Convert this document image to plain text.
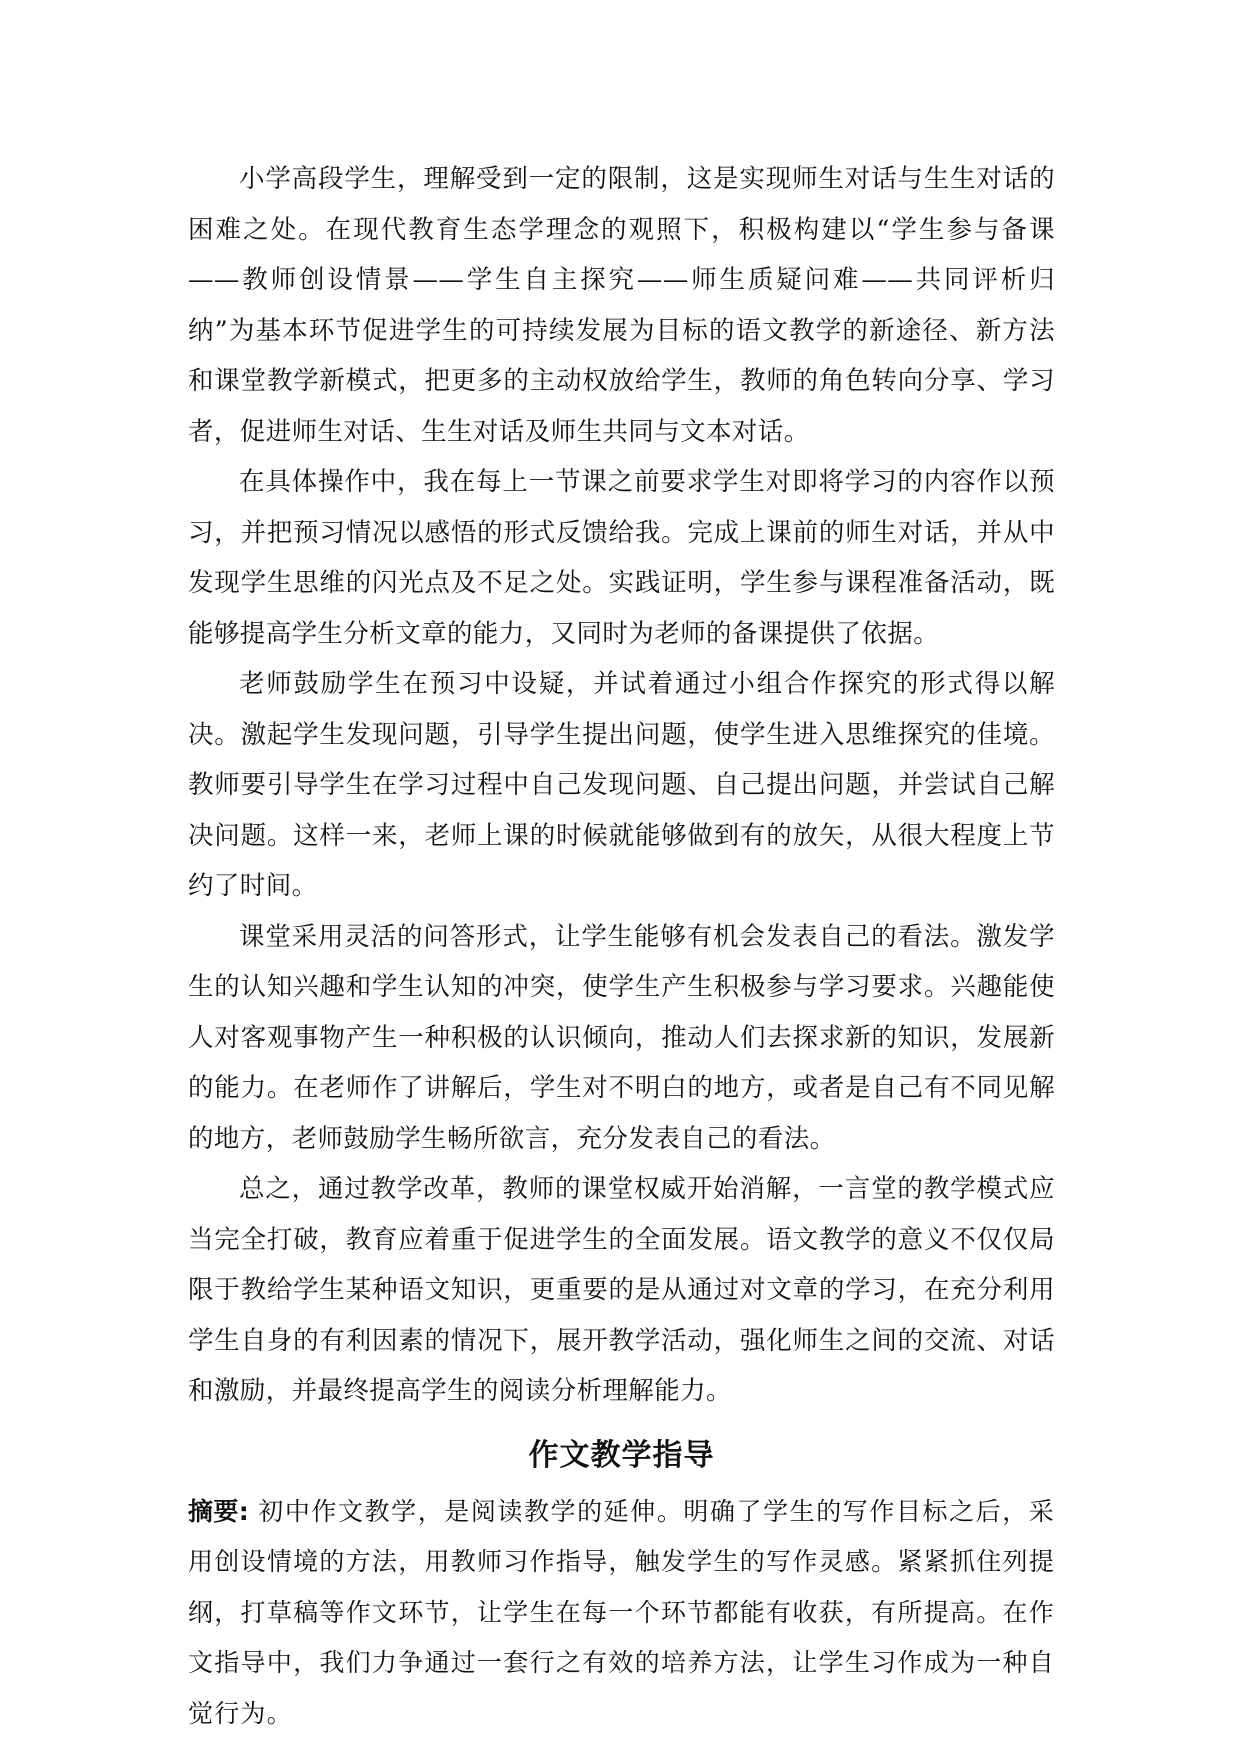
小学高段学生，理解受到一定的限制，这是实现师生对话与生生对话的困难之处。在现代教育生态学理念的观照下，积极构建以“学生参与备课——教师创设情景——学生自主探究——师生质疑问难——共同评析归纳”为基本环节促进学生的可持续发展为目标的语文教学的新途径、新方法和课堂教学新模式，把更多的主动权放给学生，教师的角色转向分享、学习者，促进师生对话、生生对话及师生共同与文本对话。

在具体操作中，我在每上一节课之前要求学生对即将学习的内容作以预习，并把预习情况以感悟的形式反馈给我。完成上课前的师生对话，并从中发现学生思维的闪光点及不足之处。实践证明，学生参与课程准备活动，既能够提高学生分析文章的能力，又同时为老师的备课提供了依据。

老师鼓励学生在预习中设疑，并试着通过小组合作探究的形式得以解决。激起学生发现问题，引导学生提出问题，使学生进入思维探究的佳境。教师要引导学生在学习过程中自己发现问题、自己提出问题，并尝试自己解决问题。这样一来，老师上课的时候就能够做到有的放矢，从很大程度上节约了时间。

课堂采用灵活的问答形式，让学生能够有机会发表自己的看法。激发学生的认知兴趣和学生认知的冲突，使学生产生积极参与学习要求。兴趣能使人对客观事物产生一种积极的认识倾向，推动人们去探求新的知识，发展新的能力。在老师作了讲解后，学生对不明白的地方，或者是自己有不同见解的地方，老师鼓励学生畅所欲言，充分发表自己的看法。

总之，通过教学改革，教师的课堂权威开始消解，一言堂的教学模式应当完全打破，教育应着重于促进学生的全面发展。语文教学的意义不仅仅局限于教给学生某种语文知识，更重要的是从通过对文章的学习，在充分利用学生自身的有利因素的情况下，展开教学活动，强化师生之间的交流、对话和激励，并最终提高学生的阅读分析理解能力。

作文教学指导

摘要: 初中作文教学，是阅读教学的延伸。明确了学生的写作目标之后，采用创设情境的方法，用教师习作指导，触发学生的写作灵感。紧紧抓住列提纲，打草稿等作文环节，让学生在每一个环节都能有收获，有所提高。在作文指导中，我们力争通过一套行之有效的培养方法，让学生习作成为一种自觉行为。
